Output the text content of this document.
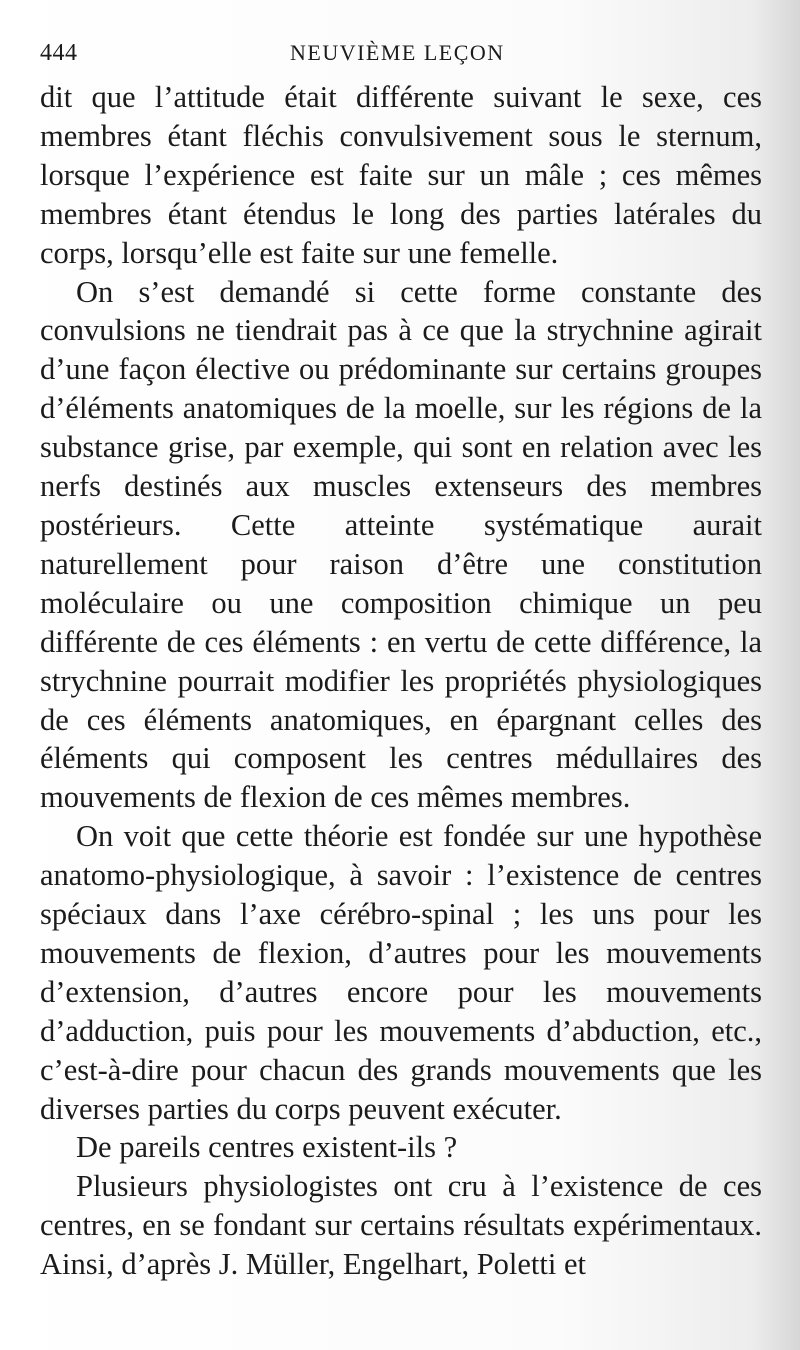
444	NEUVIÈME LEÇON

dit que l’attitude était différente suivant le sexe, ces membres étant fléchis convulsivement sous le sternum, lorsque l’expérience est faite sur un mâle ; ces mêmes membres étant étendus le long des parties latérales du corps, lorsqu’elle est faite sur une femelle.

On s’est demandé si cette forme constante des convulsions ne tiendrait pas à ce que la strychnine agirait d’une façon élective ou prédominante sur certains groupes d’éléments anatomiques de la moelle, sur les régions de la substance grise, par exemple, qui sont en relation avec les nerfs destinés aux muscles extenseurs des membres postérieurs. Cette atteinte systématique aurait naturellement pour raison d’être une constitution moléculaire ou une composition chimique un peu différente de ces éléments : en vertu de cette différence, la strychnine pourrait modifier les propriétés physiologiques de ces éléments anatomiques, en épargnant celles des éléments qui composent les centres médullaires des mouvements de flexion de ces mêmes membres.

On voit que cette théorie est fondée sur une hypothèse anatomo-physiologique, à savoir : l’existence de centres spéciaux dans l’axe cérébro-spinal ; les uns pour les mouvements de flexion, d’autres pour les mouvements d’extension, d’autres encore pour les mouvements d’adduction, puis pour les mouvements d’abduction, etc., c’est-à-dire pour chacun des grands mouvements que les diverses parties du corps peuvent exécuter.

De pareils centres existent-ils ?

Plusieurs physiologistes ont cru à l’existence de ces centres, en se fondant sur certains résultats expérimentaux. Ainsi, d’après J. Müller, Engelhart, Poletti et
